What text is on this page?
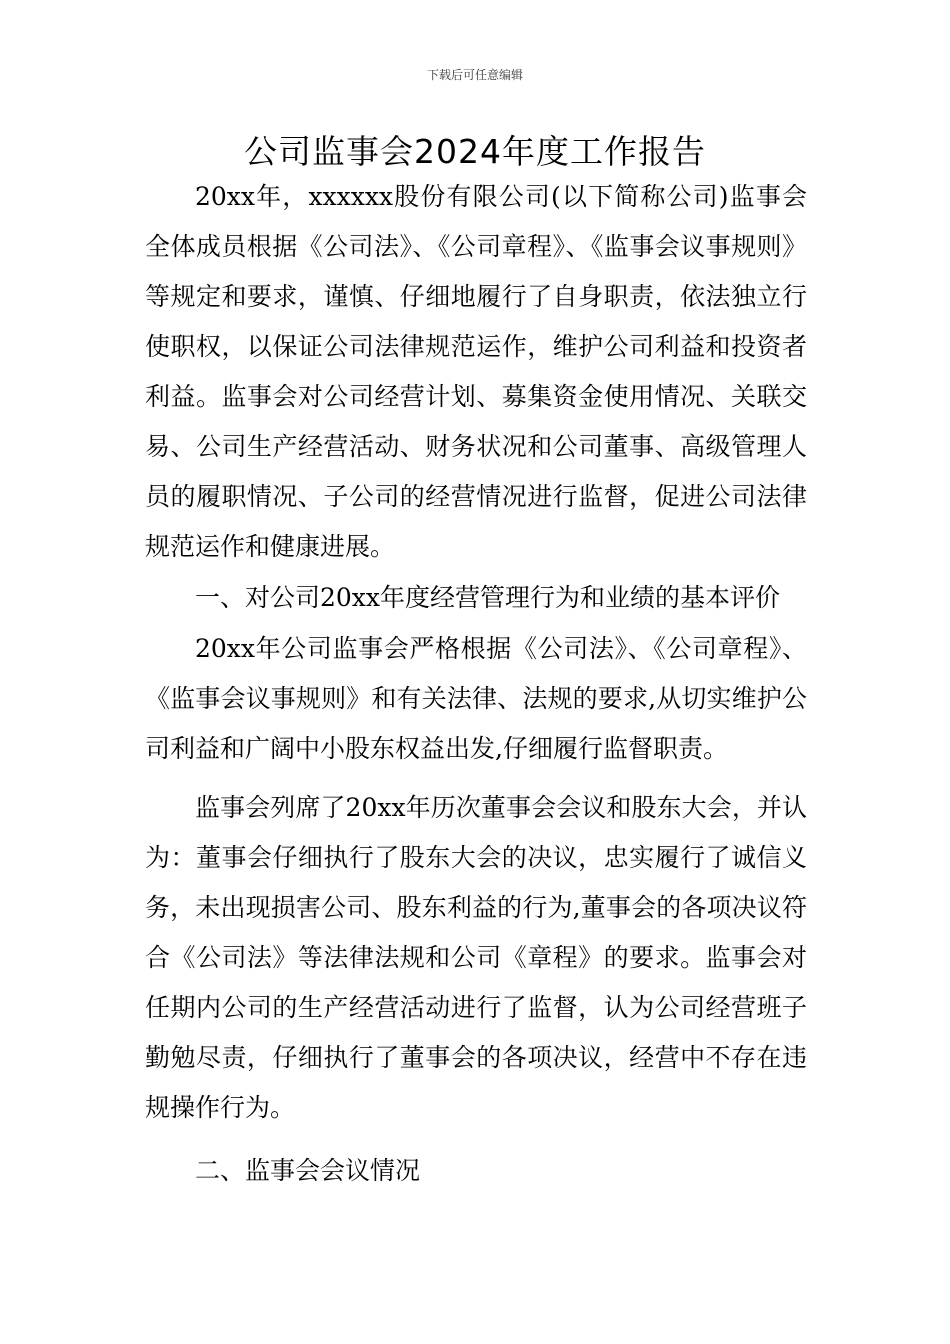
下载后可任意编辑
公司监事会2024年度工作报告

20xx年，xxxxxx股份有限公司(以下简称公司)监事会全体成员根据《公司法》、《公司章程》、《监事会议事规则》等规定和要求，谨慎、仔细地履行了自身职责，依法独立行使职权，以保证公司法律规范运作，维护公司利益和投资者利益。监事会对公司经营计划、募集资金使用情况、关联交易、公司生产经营活动、财务状况和公司董事、高级管理人员的履职情况、子公司的经营情况进行监督，促进公司法律规范运作和健康进展。

一、对公司20xx年度经营管理行为和业绩的基本评价

20xx年公司监事会严格根据《公司法》、《公司章程》、《监事会议事规则》和有关法律、法规的要求,从切实维护公司利益和广阔中小股东权益出发,仔细履行监督职责。

监事会列席了20xx年历次董事会会议和股东大会，并认为：董事会仔细执行了股东大会的决议，忠实履行了诚信义务，未出现损害公司、股东利益的行为,董事会的各项决议符合《公司法》等法律法规和公司《章程》的要求。监事会对任期内公司的生产经营活动进行了监督，认为公司经营班子勤勉尽责，仔细执行了董事会的各项决议，经营中不存在违规操作行为。

二、监事会会议情况
